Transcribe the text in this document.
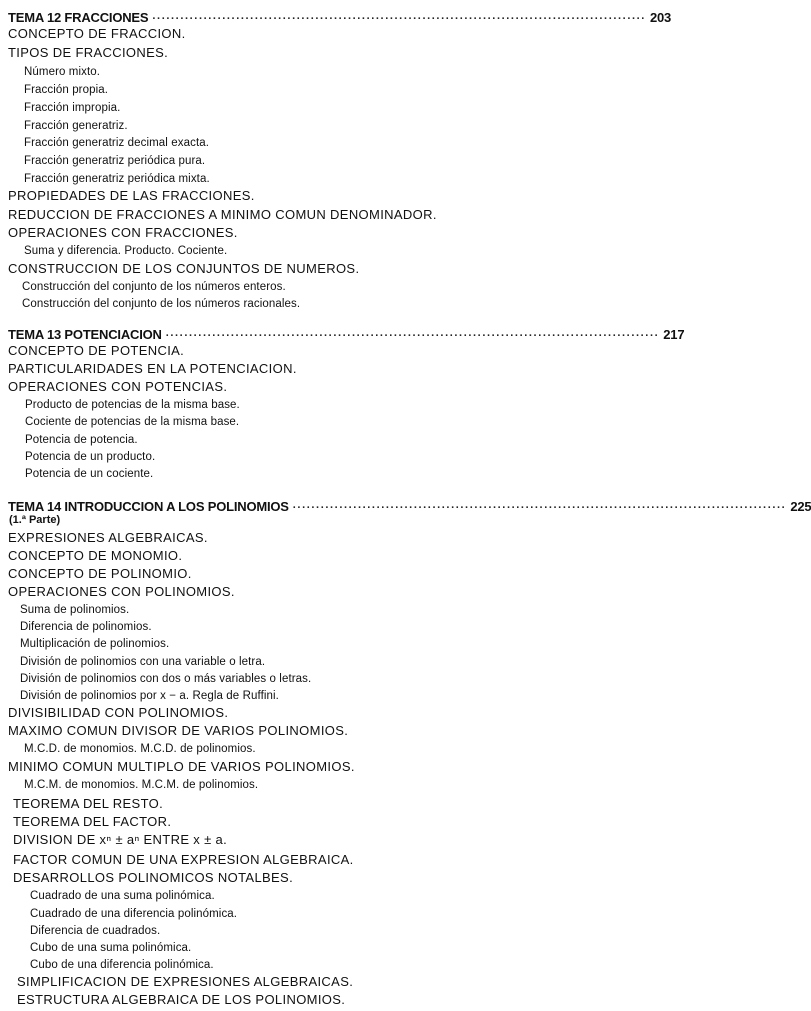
TEMA 12 FRACCIONES .......................................................................................................... 203
CONCEPTO DE FRACCION.
TIPOS DE FRACCIONES.
Número mixto.
Fracción propia.
Fracción impropia.
Fracción generatriz.
Fracción generatriz decimal exacta.
Fracción generatriz periódica pura.
Fracción generatriz periódica mixta.
PROPIEDADES DE LAS FRACCIONES.
REDUCCION DE FRACCIONES A MINIMO COMUN DENOMINADOR.
OPERACIONES CON FRACCIONES.
Suma y diferencia. Producto. Cociente.
CONSTRUCCION DE LOS CONJUNTOS DE NUMEROS.
Construcción del conjunto de los números enteros.
Construcción del conjunto de los números racionales.
TEMA 13 POTENCIACION .......................................................................................................... 217
CONCEPTO DE POTENCIA.
PARTICULARIDADES EN LA POTENCIACION.
OPERACIONES CON POTENCIAS.
Producto de potencias de la misma base.
Cociente de potencias de la misma base.
Potencia de potencia.
Potencia de un producto.
Potencia de un cociente.
TEMA 14 INTRODUCCION A LOS POLINOMIOS .......................................................................................................... 225
(1.ª Parte)
EXPRESIONES ALGEBRAICAS.
CONCEPTO DE MONOMIO.
CONCEPTO DE POLINOMIO.
OPERACIONES CON POLINOMIOS.
Suma de polinomios.
Diferencia de polinomios.
Multiplicación de polinomios.
División de polinomios con una variable o letra.
División de polinomios con dos o más variables o letras.
División de polinomios por x − a. Regla de Ruffini.
DIVISIBILIDAD CON POLINOMIOS.
MAXIMO COMUN DIVISOR DE VARIOS POLINOMIOS.
M.C.D. de monomios. M.C.D. de polinomios.
MINIMO COMUN MULTIPLO DE VARIOS POLINOMIOS.
M.C.M. de monomios. M.C.M. de polinomios.
TEOREMA DEL RESTO.
TEOREMA DEL FACTOR.
DIVISION DE xⁿ ± aⁿ ENTRE x ± a.
FACTOR COMUN DE UNA EXPRESION ALGEBRAICA.
DESARROLLOS POLINOMICOS NOTALBES.
Cuadrado de una suma polinómica.
Cuadrado de una diferencia polinómica.
Diferencia de cuadrados.
Cubo de una suma polinómica.
Cubo de una diferencia polinómica.
SIMPLIFICACION DE EXPRESIONES ALGEBRAICAS.
ESTRUCTURA ALGEBRAICA DE LOS POLINOMIOS.
